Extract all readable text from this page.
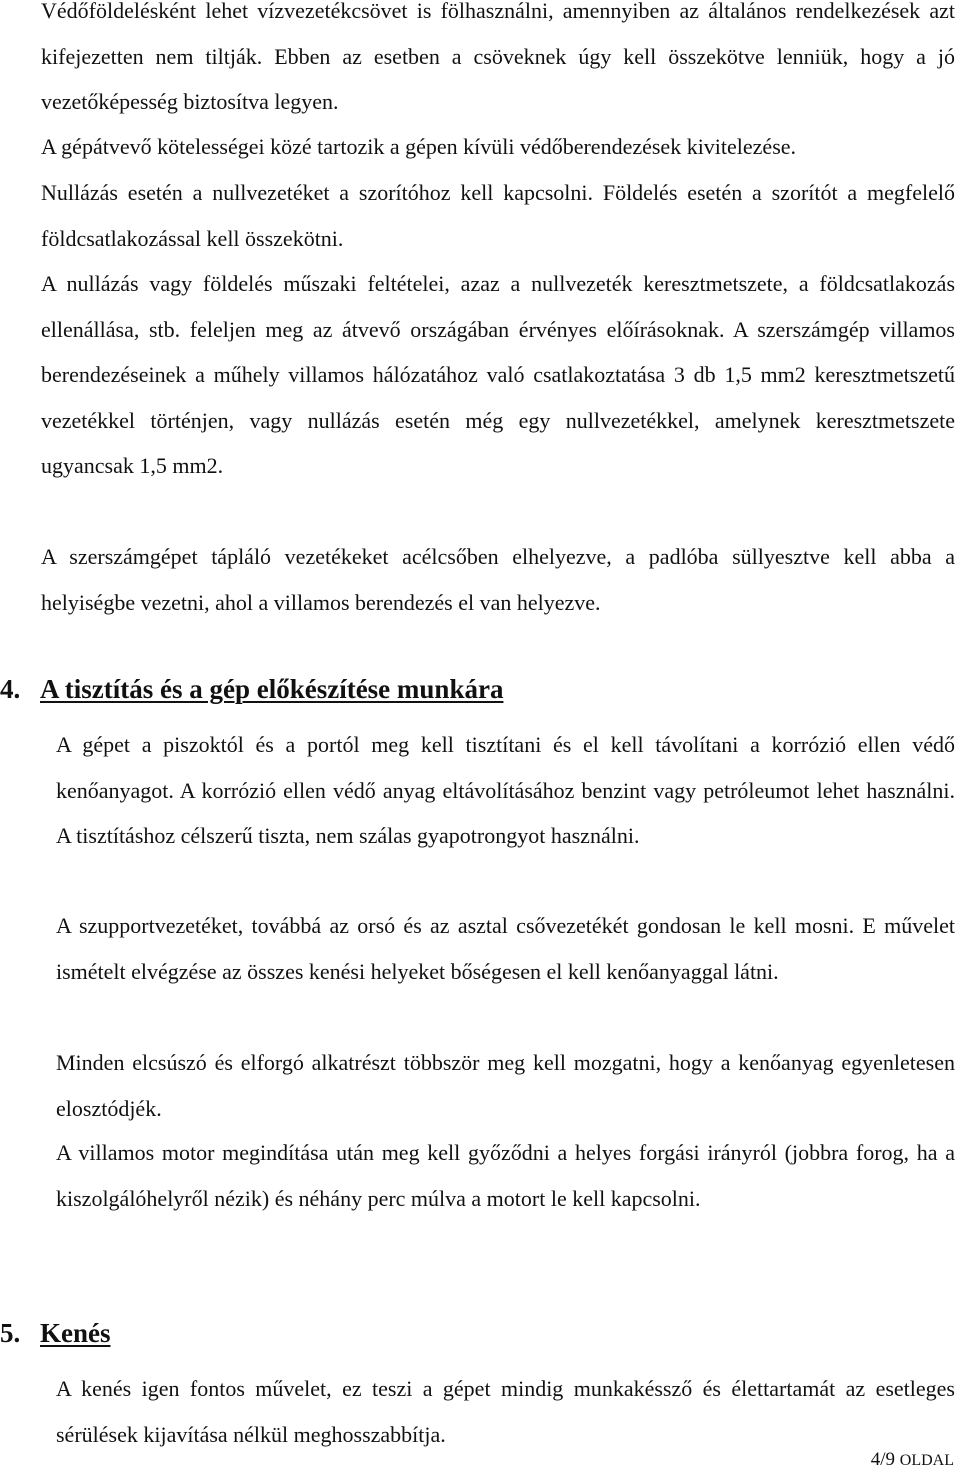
Védőföldelésként lehet vízvezetékcsövet is fölhasználni, amennyiben az általános rendelkezések azt kifejezetten nem tiltják. Ebben az esetben a csöveknek úgy kell összekötve lenniük, hogy a jó vezetőképesség biztosítva legyen.

A gépátvevő kötelességei közé tartozik a gépen kívüli védőberendezések kivitelezése.

Nullázás esetén a nullvezetéket a szorítóhoz kell kapcsolni. Földelés esetén a szorítót a megfelelő földcsatlakozással kell összekötni.

A nullázás vagy földelés műszaki feltételei, azaz a nullvezeték keresztmetszete, a földcsatlakozás ellenállása, stb. feleljen meg az átvevő országában érvényes előírásoknak. A szerszámgép villamos berendezéseinek a műhely villamos hálózatához való csatlakoztatása 3 db 1,5 mm2 keresztmetszetű vezetékkel történjen, vagy nullázás esetén még egy nullvezetékkel, amelynek keresztmetszete ugyancsak 1,5 mm2.

A szerszámgépet tápláló vezetékeket acélcsőben elhelyezve, a padlóba süllyesztve kell abba a helyiségbe vezetni, ahol a villamos berendezés el van helyezve.

4. A tisztítás és a gép előkészítése munkára

A gépet a piszoktól és a portól meg kell tisztítani és el kell távolítani a korrózió ellen védő kenőanyagot. A korrózió ellen védő anyag eltávolításához benzint vagy petróleumot lehet használni. A tisztításhoz célszerű tiszta, nem szálas gyapotrongyot használni.

A szupportvezetéket, továbbá az orsó és az asztal csővezetékét gondosan le kell mosni. E művelet ismételt elvégzése az összes kenési helyeket bőségesen el kell kenőanyaggal látni.

Minden elcsúszó és elforgó alkatrészt többször meg kell mozgatni, hogy a kenőanyag egyenletesen elosztódjék.

A villamos motor megindítása után meg kell győződni a helyes forgási irányról (jobbra forog, ha a kiszolgálóhelyről nézik) és néhány perc múlva a motort le kell kapcsolni.

5. Kenés

A kenés igen fontos művelet, ez teszi a gépet mindig munkakéssző és élettartamát az esetleges sérülések kijavítása nélkül meghosszabbítja.

4/9 OLDAL
